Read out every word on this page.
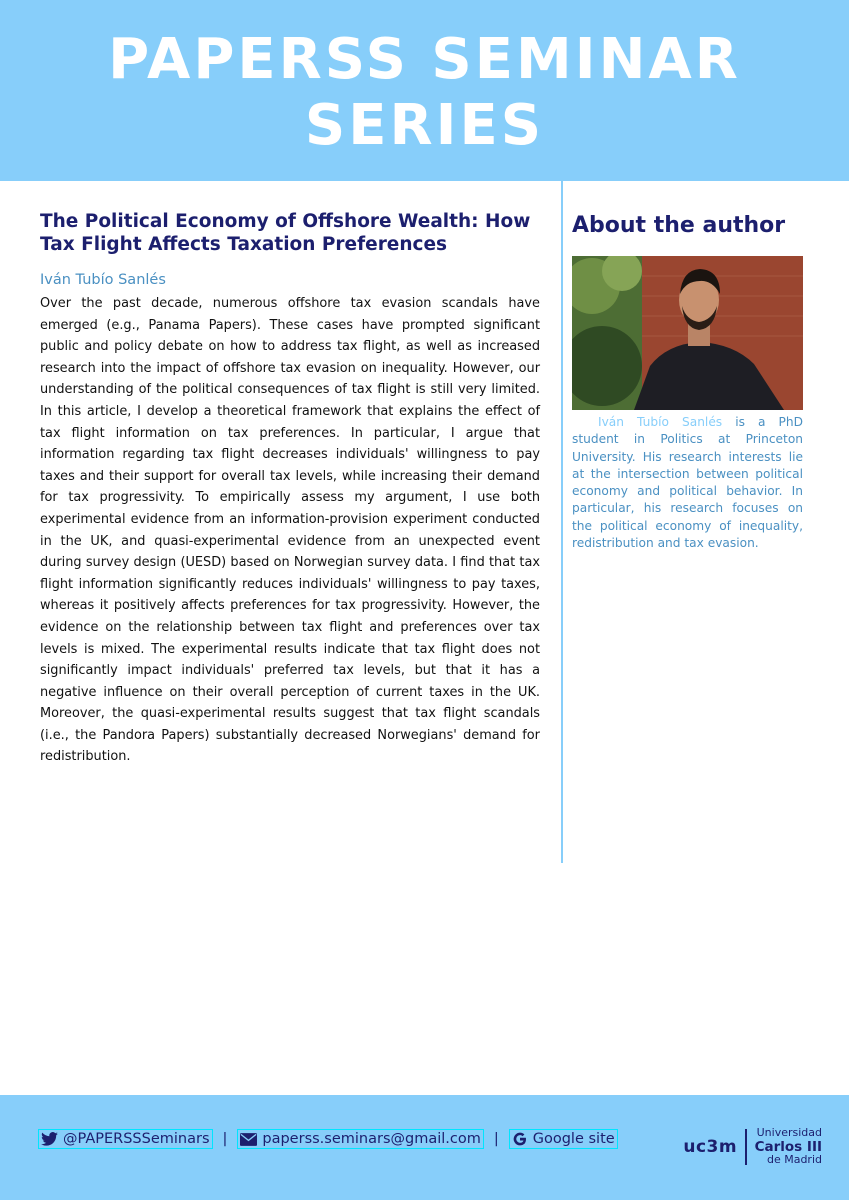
PAPERSS SEMINAR SERIES
The Political Economy of Offshore Wealth: How Tax Flight Affects Taxation Preferences
Iván Tubío Sanlés
Over the past decade, numerous offshore tax evasion scandals have emerged (e.g., Panama Papers). These cases have prompted significant public and policy debate on how to address tax flight, as well as increased research into the impact of offshore tax evasion on inequality. However, our understanding of the political consequences of tax flight is still very limited. In this article, I develop a theoretical framework that explains the effect of tax flight information on tax preferences. In particular, I argue that information regarding tax flight decreases individuals' willingness to pay taxes and their support for overall tax levels, while increasing their demand for tax progressivity. To empirically assess my argument, I use both experimental evidence from an information-provision experiment conducted in the UK, and quasi-experimental evidence from an unexpected event during survey design (UESD) based on Norwegian survey data. I find that tax flight information significantly reduces individuals' willingness to pay taxes, whereas it positively affects preferences for tax progressivity. However, the evidence on the relationship between tax flight and preferences over tax levels is mixed. The experimental results indicate that tax flight does not significantly impact individuals' preferred tax levels, but that it has a negative influence on their overall perception of current taxes in the UK. Moreover, the quasi-experimental results suggest that tax flight scandals (i.e., the Pandora Papers) substantially decreased Norwegians' demand for redistribution.
About the author
Iván Tubío Sanlés is a PhD student in Politics at Princeton University. His research interests lie at the intersection between political economy and political behavior. In particular, his research focuses on the political economy of inequality, redistribution and tax evasion.
@PAPERSSSeminars | paperss.seminars@gmail.com | Google site	uc3m
Universidad
Carlos III
de Madrid
